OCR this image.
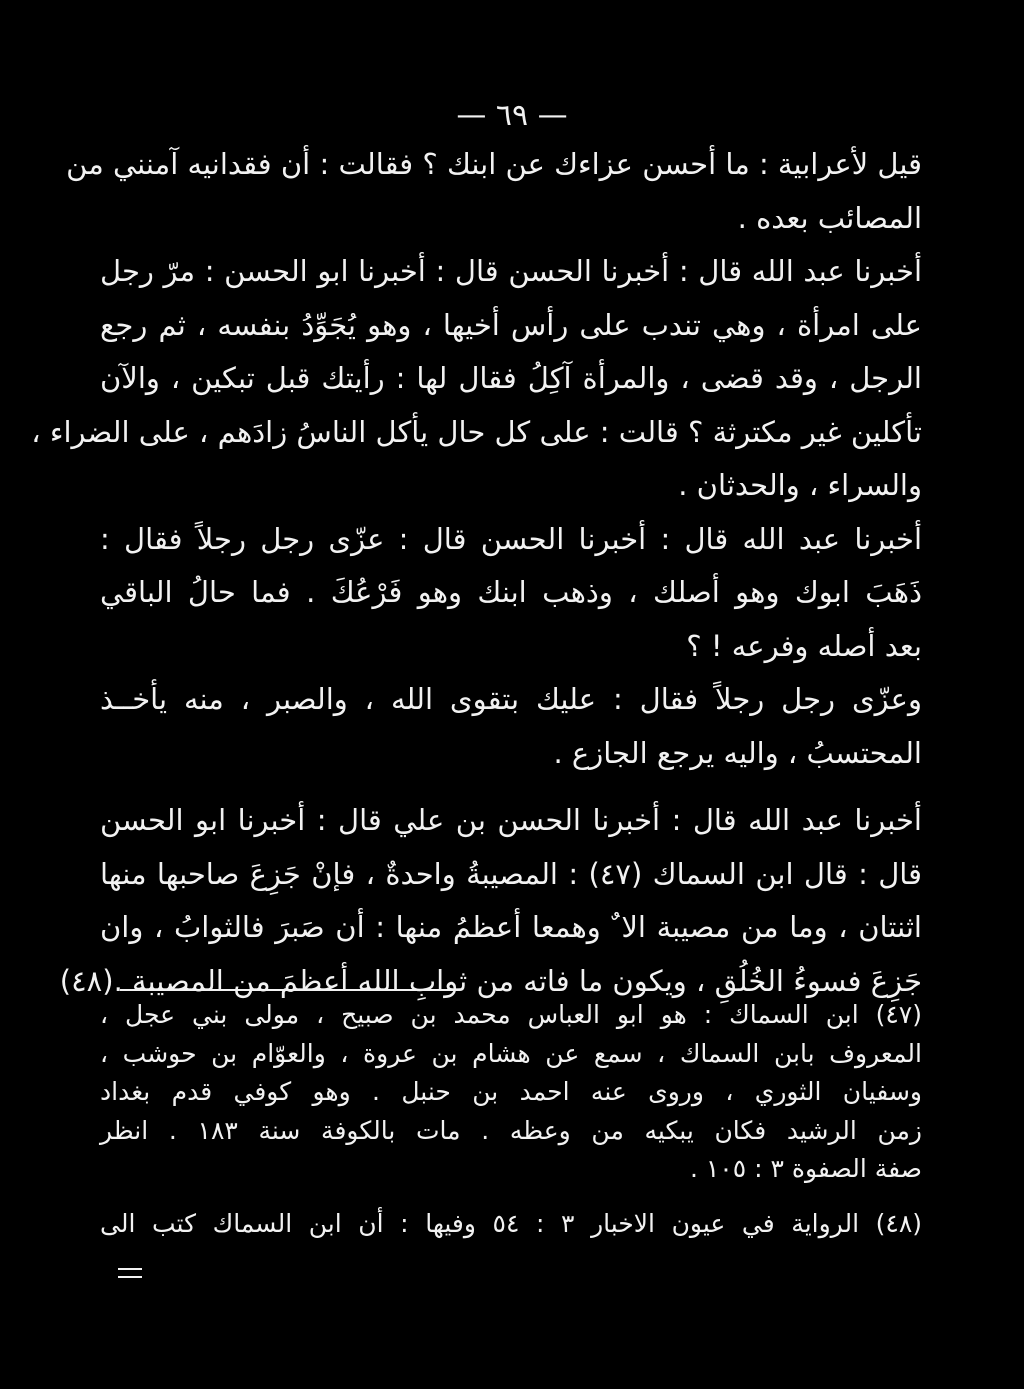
— ٦٩ —
قيل لأعرابية : ما أحسن عزاءك عن ابنك ؟ فقالت : أن فقدانيه آمنني من
المصائب بعده .
أخبرنا عبد الله قال : أخبرنا الحسن قال : أخبرنا ابو الحسن : مرّ رجل
على امرأة ، وهي تندب على رأس أخيها ، وهو يُجَوِّدُ بنفسه ، ثم رجع
الرجل ، وقد قضى ، والمرأة آكِلُ فقال لها : رأيتك قبل تبكين ، والآن
تأكلين غير مكترثة ؟ قالت : على كل حال يأكل الناسُ زادَهم ، على الضراء ،
والسراء ، والحدثان .
أخبرنا عبد الله قال : أخبرنا الحسن قال : عزّى رجل رجلاً فقال :
ذَهَبَ ابوك وهو أصلك ، وذهب ابنك وهو فَرْعُكَ . فما حالُ الباقي
بعد أصله وفرعه ! ؟
وعزّى رجل رجلاً فقال : عليك بتقوى الله ، والصبر ، منه يأخــذ
المحتسبُ ، واليه يرجع الجازع .
أخبرنا عبد الله قال : أخبرنا الحسن بن علي قال : أخبرنا ابو الحسن
قال : قال ابن السماك (٤٧) : المصيبةُ واحدةٌ ، فإنْ جَزِعَ صاحبها منها
اثنتان ، وما من مصيبة الا ٌ وهمعا أعظمُ منها : أن صَبرَ فالثوابُ ، وان
جَزِعَ فسوءُ الخُلُقِ ، ويكون ما فاته من ثوابِ الله أعظمَ من المصيبة .(٤٨)
(٤٧) ابن السماك : هو ابو العباس محمد بن صبيح ، مولى بني عجل ،
المعروف بابن السماك ، سمع عن هشام بن عروة ، والعوّام بن حوشب ،
وسفيان الثوري ، وروى عنه احمد بن حنبل . وهو كوفي قدم بغداد
زمن الرشيد فكان يبكيه من وعظه . مات بالكوفة سنة ١٨٣ . انظر
صفة الصفوة ٣ : ١٠٥ .
(٤٨) الرواية في عيون الاخبار ٣ : ٥٤ وفيها : أن ابن السماك كتب الى
